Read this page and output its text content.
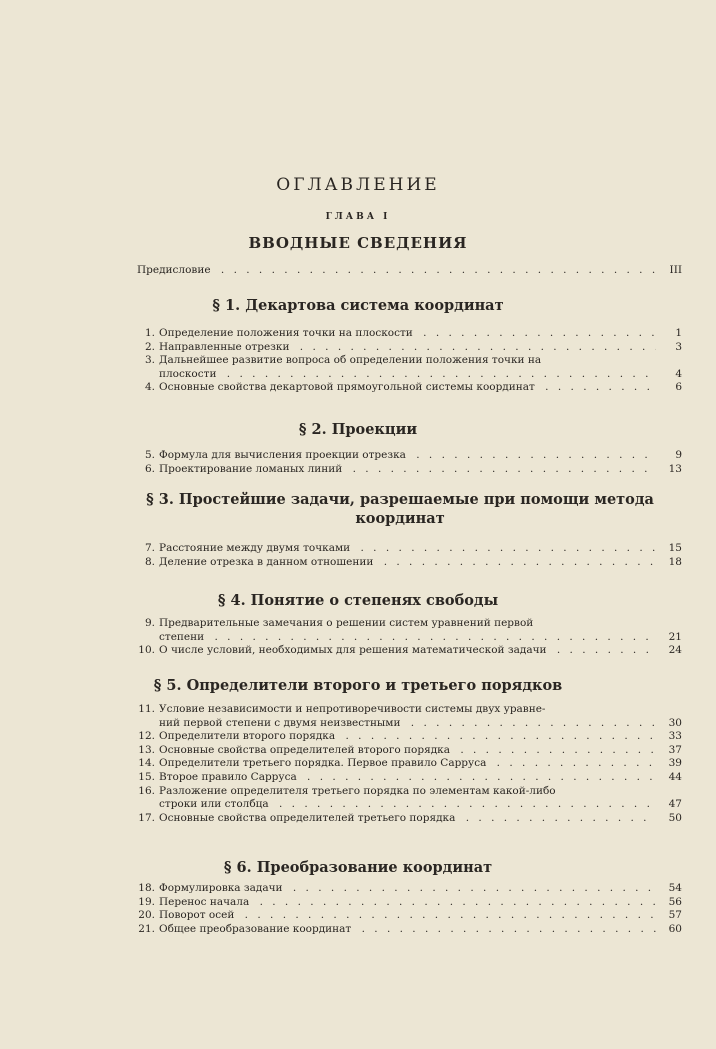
ОГЛАВЛЕНИЕ
ГЛАВА I
ВВОДНЫЕ СВЕДЕНИЯ
Предисловие . . .	III
§ 1. Декартова система координат
1. Определение положения точки на плоскости . . .	1
2. Направленные отрезки . . .	3
3. Дальнейшее развитие вопроса об определении положения точки на
плоскости . . .	4
4. Основные свойства декартовой прямоугольной системы координат . . .	6
§ 2. Проекции
5. Формула для вычисления проекции отрезка . . .	9
6. Проектирование ломаных линий . . .	13
§ 3. Простейшие задачи, разрешаемые при помощи метода координат
7. Расстояние между двумя точками . . .	15
8. Деление отрезка в данном отношении . . .	18
§ 4. Понятие о степенях свободы
9. Предварительные замечания о решении систем уравнений первой
степени . . .	21
10. О числе условий, необходимых для решения математической задачи . . .	24
§ 5. Определители второго и третьего порядков
11. Условие независимости и непротиворечивости системы двух уравне-
ний первой степени с двумя неизвестными . . .	30
12. Определители второго порядка . . .	33
13. Основные свойства определителей второго порядка . . .	37
14. Определители третьего порядка. Первое правило Сарруса . . .	39
15. Второе правило Сарруса . . .	44
16. Разложение определителя третьего порядка по элементам какой-либо
строки или столбца . . .	47
17. Основные свойства определителей третьего порядка . . .	50
§ 6. Преобразование координат
18. Формулировка задачи . . .	54
19. Перенос начала . . .	56
20. Поворот осей . . .	57
21. Общее преобразование координат . . .	60
